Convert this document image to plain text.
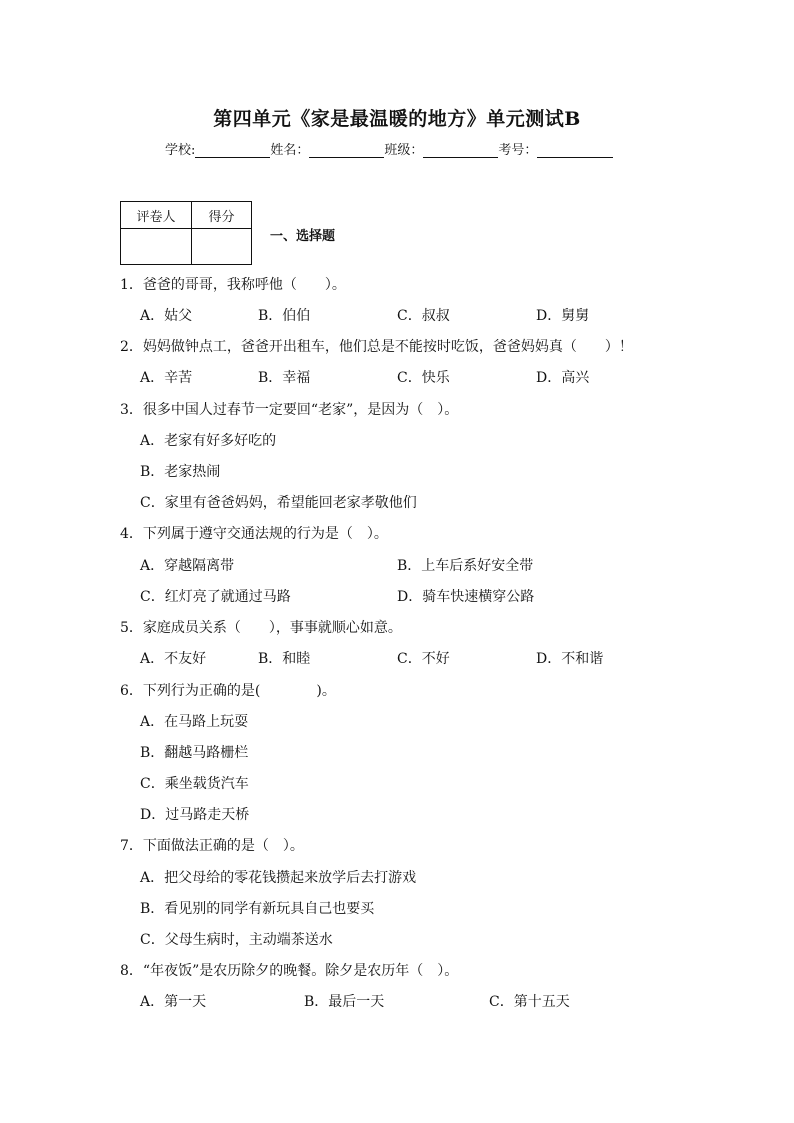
第四单元《家是最温暖的地方》单元测试B
学校:	姓名：	班级：	考号：
评卷人	得分

一、选择题
1．爸爸的哥哥，我称呼他（　　）。
A．姑父	B．伯伯	C．叔叔	D．舅舅
2．妈妈做钟点工，爸爸开出租车，他们总是不能按时吃饭，爸爸妈妈真（　　）！
A．辛苦	B．幸福	C．快乐	D．高兴
3．很多中国人过春节一定要回“老家”，是因为（　）。
A．老家有好多好吃的
B．老家热闹
C．家里有爸爸妈妈，希望能回老家孝敬他们
4．下列属于遵守交通法规的行为是（　）。
A．穿越隔离带	B．上车后系好安全带
C．红灯亮了就通过马路	D．骑车快速横穿公路
5．家庭成员关系（　　），事事就顺心如意。
A．不友好	B．和睦	C．不好	D．不和谐
6．下列行为正确的是(　　　　)。
A．在马路上玩耍
B．翻越马路栅栏
C．乘坐载货汽车
D．过马路走天桥
7．下面做法正确的是（　）。
A．把父母给的零花钱攒起来放学后去打游戏
B．看见别的同学有新玩具自己也要买
C．父母生病时，主动端茶送水
8．“年夜饭”是农历除夕的晚餐。除夕是农历年（　）。
A．第一天	B．最后一天	C．第十五天
